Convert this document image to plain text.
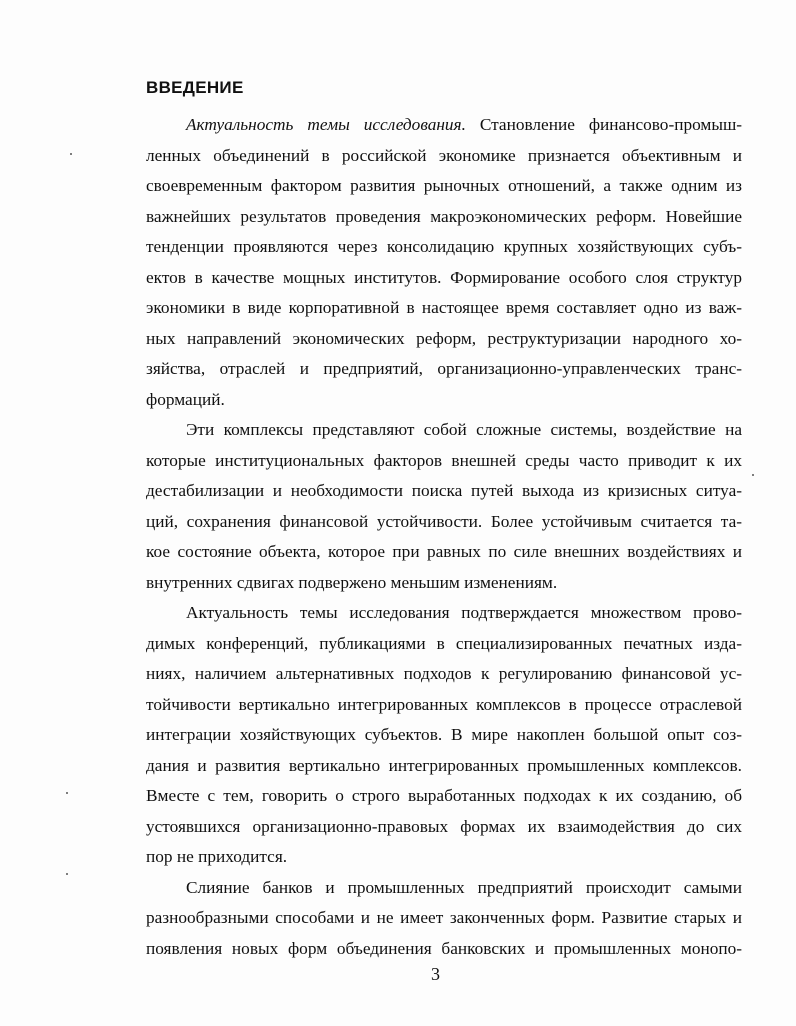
ВВЕДЕНИЕ
Актуальность темы исследования. Становление финансово-промыш-
ленных объединений в российской экономике признается объективным и
своевременным фактором развития рыночных отношений, а также одним из
важнейших результатов проведения макроэкономических реформ. Новейшие
тенденции проявляются через консолидацию крупных хозяйствующих субъ-
ектов в качестве мощных институтов. Формирование особого слоя структур
экономики в виде корпоративной в настоящее время составляет одно из важ-
ных направлений экономических реформ, реструктуризации народного хо-
зяйства, отраслей и предприятий, организационно-управленческих транс-
формаций.
Эти комплексы представляют собой сложные системы, воздействие на
которые институциональных факторов внешней среды часто приводит к их
дестабилизации и необходимости поиска путей выхода из кризисных ситуа-
ций, сохранения финансовой устойчивости. Более устойчивым считается та-
кое состояние объекта, которое при равных по силе внешних воздействиях и
внутренних сдвигах подвержено меньшим изменениям.
Актуальность темы исследования подтверждается множеством прово-
димых конференций, публикациями в специализированных печатных изда-
ниях, наличием альтернативных подходов к регулированию финансовой ус-
тойчивости вертикально интегрированных комплексов в процессе отраслевой
интеграции хозяйствующих субъектов. В мире накоплен большой опыт соз-
дания и развития вертикально интегрированных промышленных комплексов.
Вместе с тем, говорить о строго выработанных подходах к их созданию, об
устоявшихся организационно-правовых формах их взаимодействия до сих
пор не приходится.
Слияние банков и промышленных предприятий происходит самыми
разнообразными способами и не имеет законченных форм. Развитие старых и
появления новых форм объединения банковских и промышленных монопо-
3
